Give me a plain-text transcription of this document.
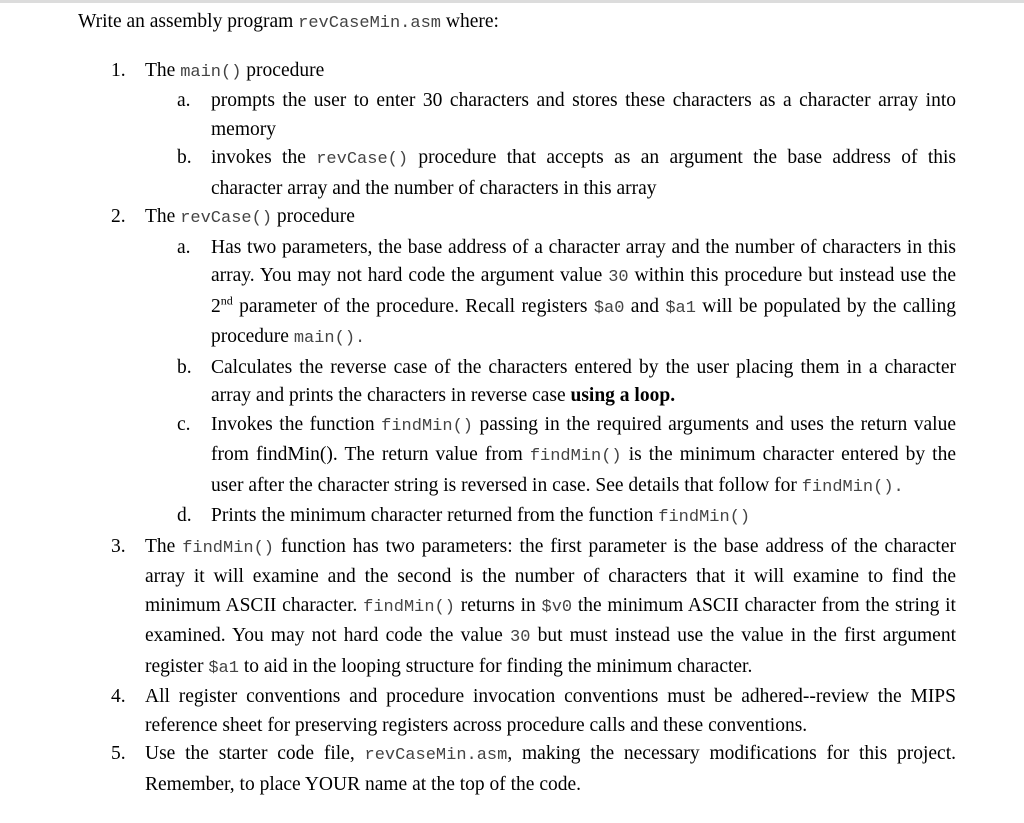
Write an assembly program revCaseMin.asm where:

1. The main() procedure
a. prompts the user to enter 30 characters and stores these characters as a character array into memory
b. invokes the revCase() procedure that accepts as an argument the base address of this character array and the number of characters in this array
2. The revCase() procedure
a. Has two parameters, the base address of a character array and the number of characters in this array. You may not hard code the argument value 30 within this procedure but instead use the 2nd parameter of the procedure. Recall registers $a0 and $a1 will be populated by the calling procedure main().
b. Calculates the reverse case of the characters entered by the user placing them in a character array and prints the characters in reverse case using a loop.
c. Invokes the function findMin() passing in the required arguments and uses the return value from findMin(). The return value from findMin() is the minimum character entered by the user after the character string is reversed in case. See details that follow for findMin().
d. Prints the minimum character returned from the function findMin()
3. The findMin() function has two parameters: the first parameter is the base address of the character array it will examine and the second is the number of characters that it will examine to find the minimum ASCII character. findMin() returns in $v0 the minimum ASCII character from the string it examined. You may not hard code the value 30 but must instead use the value in the first argument register $a1 to aid in the looping structure for finding the minimum character.
4. All register conventions and procedure invocation conventions must be adhered--review the MIPS reference sheet for preserving registers across procedure calls and these conventions.
5. Use the starter code file, revCaseMin.asm, making the necessary modifications for this project. Remember, to place YOUR name at the top of the code.
